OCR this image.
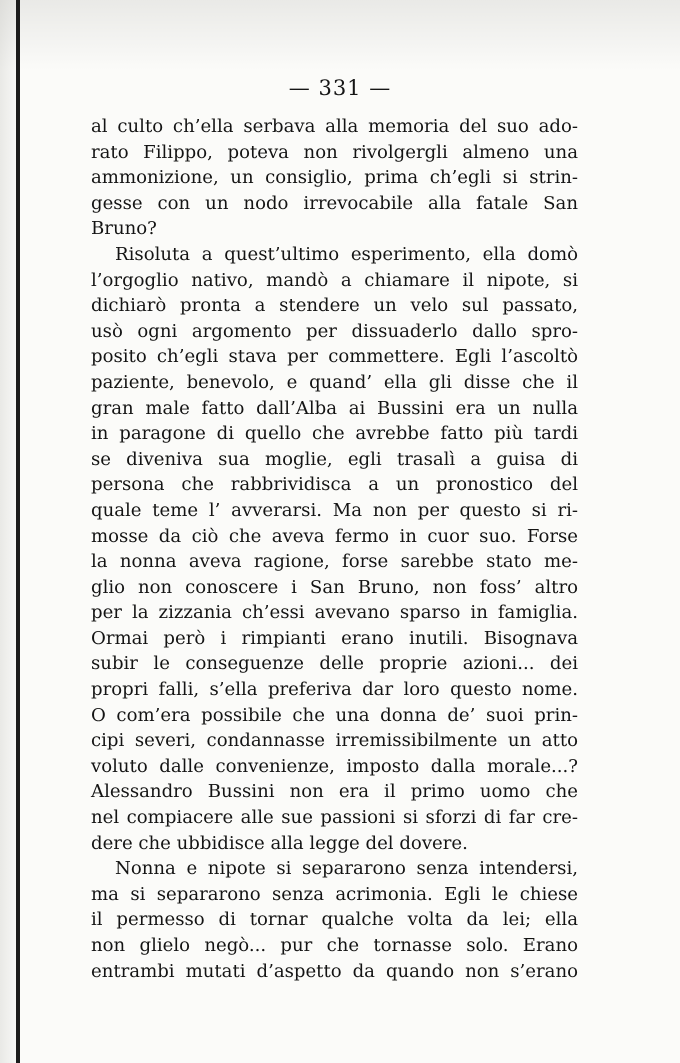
— 331 —

al culto ch’ella serbava alla memoria del suo ado-
rato Filippo, poteva non rivolgergli almeno una
ammonizione, un consiglio, prima ch’egli si strin-
gesse con un nodo irrevocabile alla fatale San
Bruno?
Risoluta a quest’ultimo esperimento, ella domò
l’orgoglio nativo, mandò a chiamare il nipote, si
dichiarò pronta a stendere un velo sul passato,
usò ogni argomento per dissuaderlo dallo spro-
posito ch’egli stava per commettere. Egli l’ascoltò
paziente, benevolo, e quand’ ella gli disse che il
gran male fatto dall’Alba ai Bussini era un nulla
in paragone di quello che avrebbe fatto più tardi
se diveniva sua moglie, egli trasalì a guisa di
persona che rabbrividisca a un pronostico del
quale teme l’ avverarsi. Ma non per questo si ri-
mosse da ciò che aveva fermo in cuor suo. Forse
la nonna aveva ragione, forse sarebbe stato me-
glio non conoscere i San Bruno, non foss’ altro
per la zizzania ch’essi avevano sparso in famiglia.
Ormai però i rimpianti erano inutili. Bisognava
subir le conseguenze delle proprie azioni... dei
propri falli, s’ella preferiva dar loro questo nome.
O com’era possibile che una donna de’ suoi prin-
cipi severi, condannasse irremissibilmente un atto
voluto dalle convenienze, imposto dalla morale...?
Alessandro Bussini non era il primo uomo che
nel compiacere alle sue passioni si sforzi di far cre-
dere che ubbidisce alla legge del dovere.
Nonna e nipote si separarono senza intendersi,
ma si separarono senza acrimonia. Egli le chiese
il permesso di tornar qualche volta da lei; ella
non glielo negò... pur che tornasse solo. Erano
entrambi mutati d’aspetto da quando non s’erano
